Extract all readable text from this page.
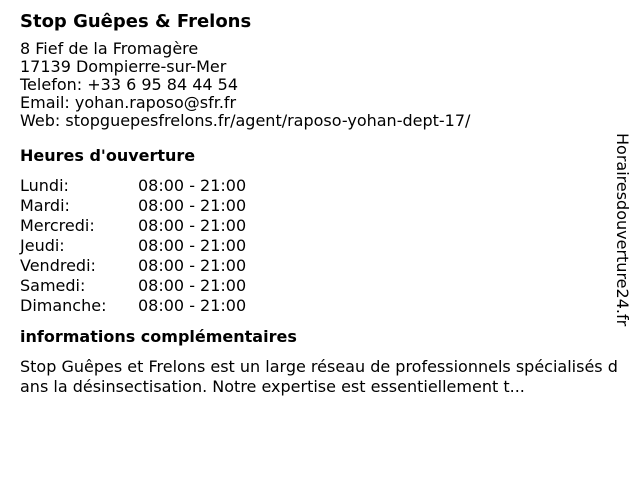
Stop Guêpes & Frelons
8 Fief de la Fromagère
17139 Dompierre-sur-Mer
Telefon: +33 6 95 84 44 54
Email: yohan.raposo@sfr.fr
Web: stopguepesfrelons.fr/agent/raposo-yohan-dept-17/
Heures d'ouverture
Lundi:	08:00 - 21:00
Mardi:	08:00 - 21:00
Mercredi:	08:00 - 21:00
Jeudi:	08:00 - 21:00
Vendredi:	08:00 - 21:00
Samedi:	08:00 - 21:00
Dimanche:	08:00 - 21:00
informations complémentaires
Stop Guêpes et Frelons est un large réseau de professionnels spécialisés dans la désinsectisation. Notre expertise est essentiellement t...
Horairesdouverture24.fr
